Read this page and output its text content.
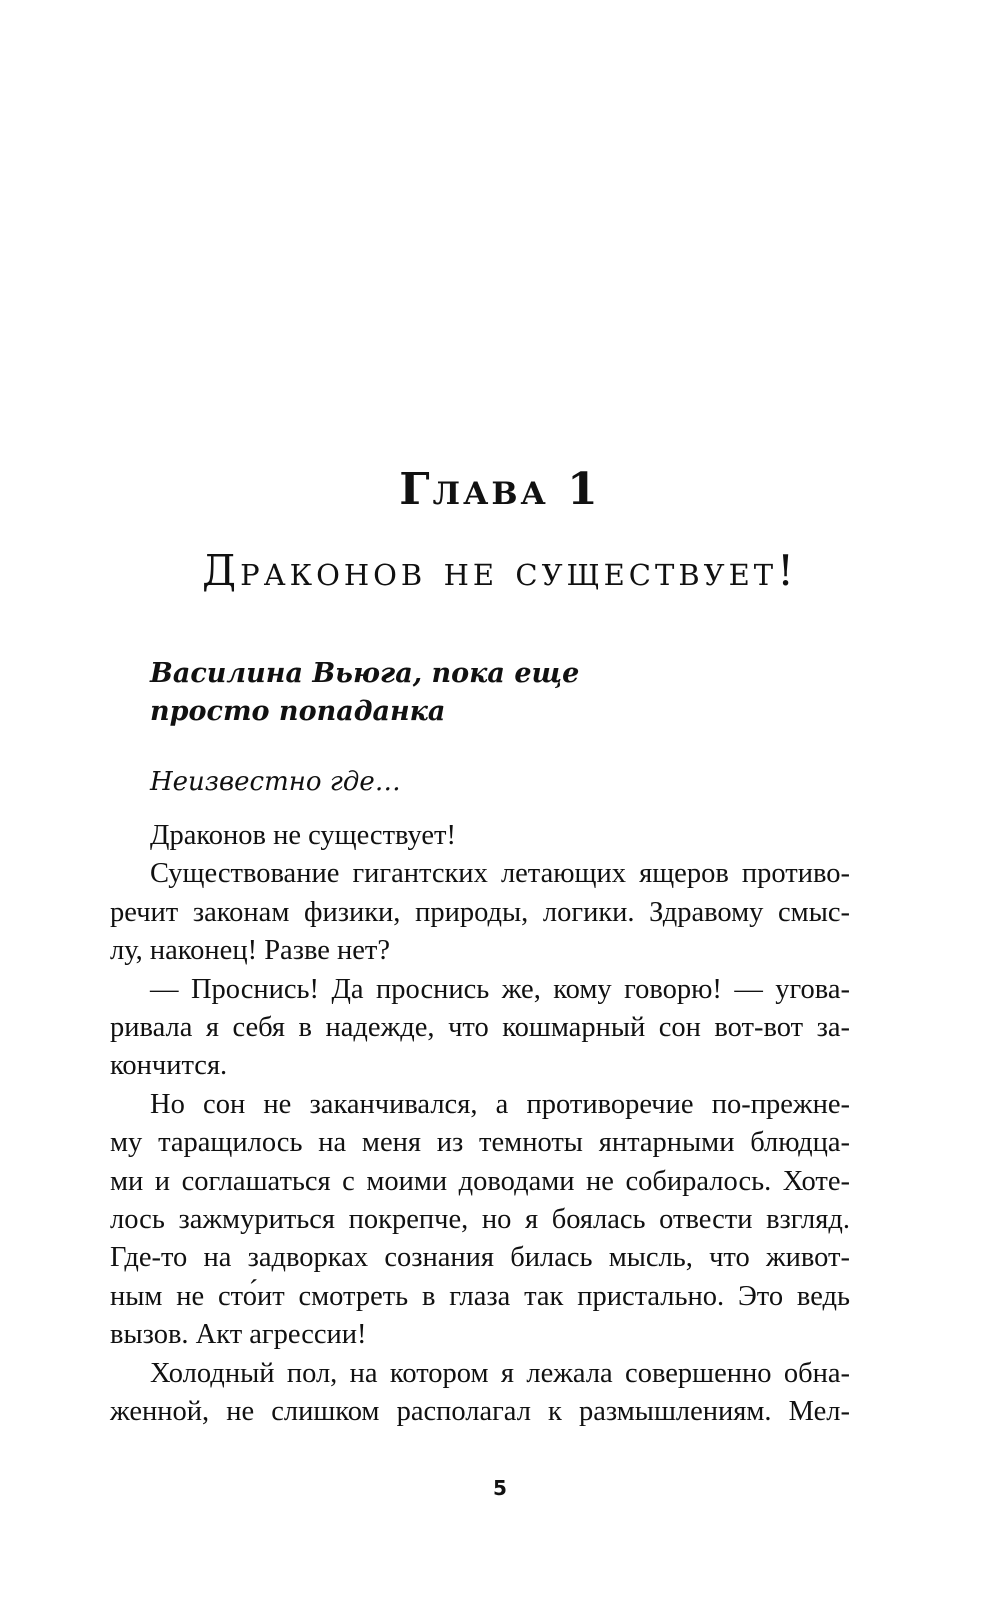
Глава 1
Драконов не существует!
Василина Вьюга, пока еще
просто попаданка
Неизвестно где…
Драконов не существует!
Существование гигантских летающих ящеров противо-
речит законам физики, природы, логики. Здравому смыс-
лу, наконец! Разве нет?
— Проснись! Да проснись же, кому говорю! — угова-
ривала я себя в надежде, что кошмарный сон вот-вот за-
кончится.
Но сон не заканчивался, а противоречие по-прежне-
му таращилось на меня из темноты янтарными блюдца-
ми и соглашаться с моими доводами не собиралось. Хоте-
лось зажмуриться покрепче, но я боялась отвести взгляд.
Где-то на задворках сознания билась мысль, что живот-
ным не сто́ит смотреть в глаза так пристально. Это ведь
вызов. Акт агрессии!
Холодный пол, на котором я лежала совершенно обна-
женной, не слишком располагал к размышлениям. Мел-
5
